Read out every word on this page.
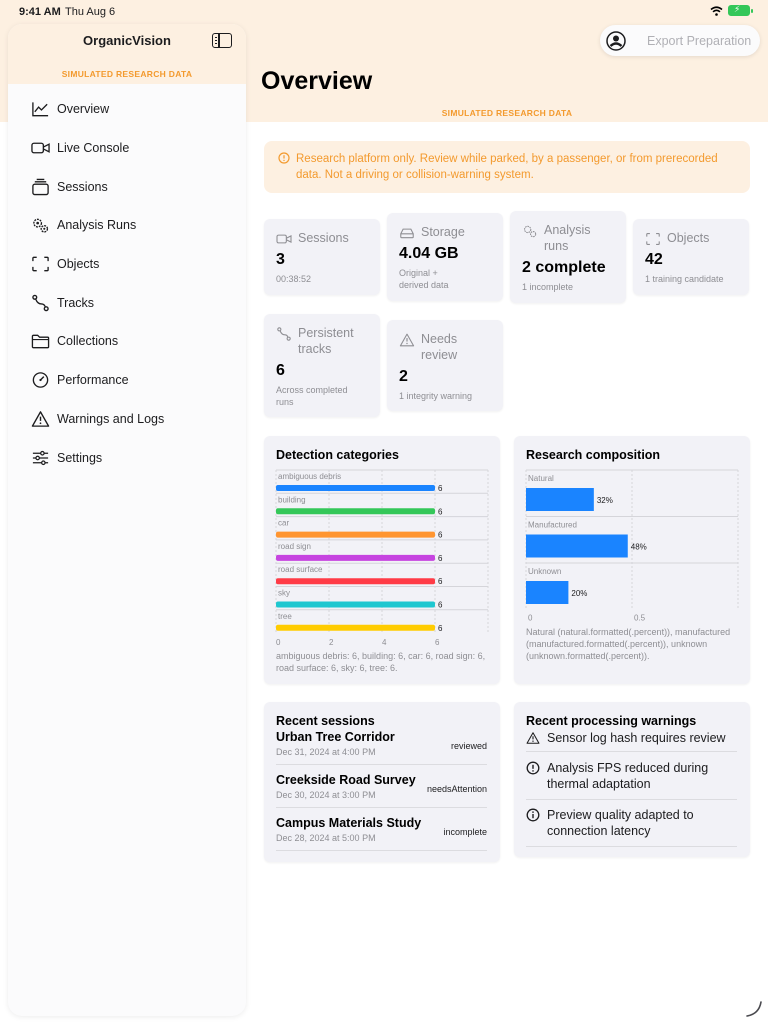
9:41 AM Thu Aug 6	⚡
OrganicVision
SIMULATED RESEARCH DATA
Overview
Live Console
Sessions
Analysis Runs
Objects
Tracks
Collections
Performance
Warnings and Logs
Settings
Export Preparation
Overview
SIMULATED RESEARCH DATA
Research platform only. Review while parked, by a passenger, or from prerecorded data. Not a driving or collision-warning system.
Sessions
3
00:38:52
Storage
4.04 GB
Original + derived data
Analysis runs
2 complete
1 incomplete
Objects
42
1 training candidate
Persistent tracks
6
Across completed runs
Needs review
2
1 integrity warning
Detection categories
ambiguous debris
6
building
6
car
6
road sign
6
road surface
6
sky
6
tree
6
0	2	4	6
ambiguous debris: 6, building: 6, car: 6, road sign: 6, road surface: 6, sky: 6, tree: 6.
Research composition
Natural
32%
Manufactured
48%
Unknown
20%
0	0.5
Natural (natural.formatted(.percent)), manufactured (manufactured.formatted(.percent)), unknown (unknown.formatted(.percent)).
Recent sessions
Urban Tree Corridor
Dec 31, 2024 at 4:00 PM
reviewed
Creekside Road Survey
Dec 30, 2024 at 3:00 PM
needsAttention
Campus Materials Study
Dec 28, 2024 at 5:00 PM
incomplete
Recent processing warnings
Sensor log hash requires review
Analysis FPS reduced during thermal adaptation
Preview quality adapted to connection latency
